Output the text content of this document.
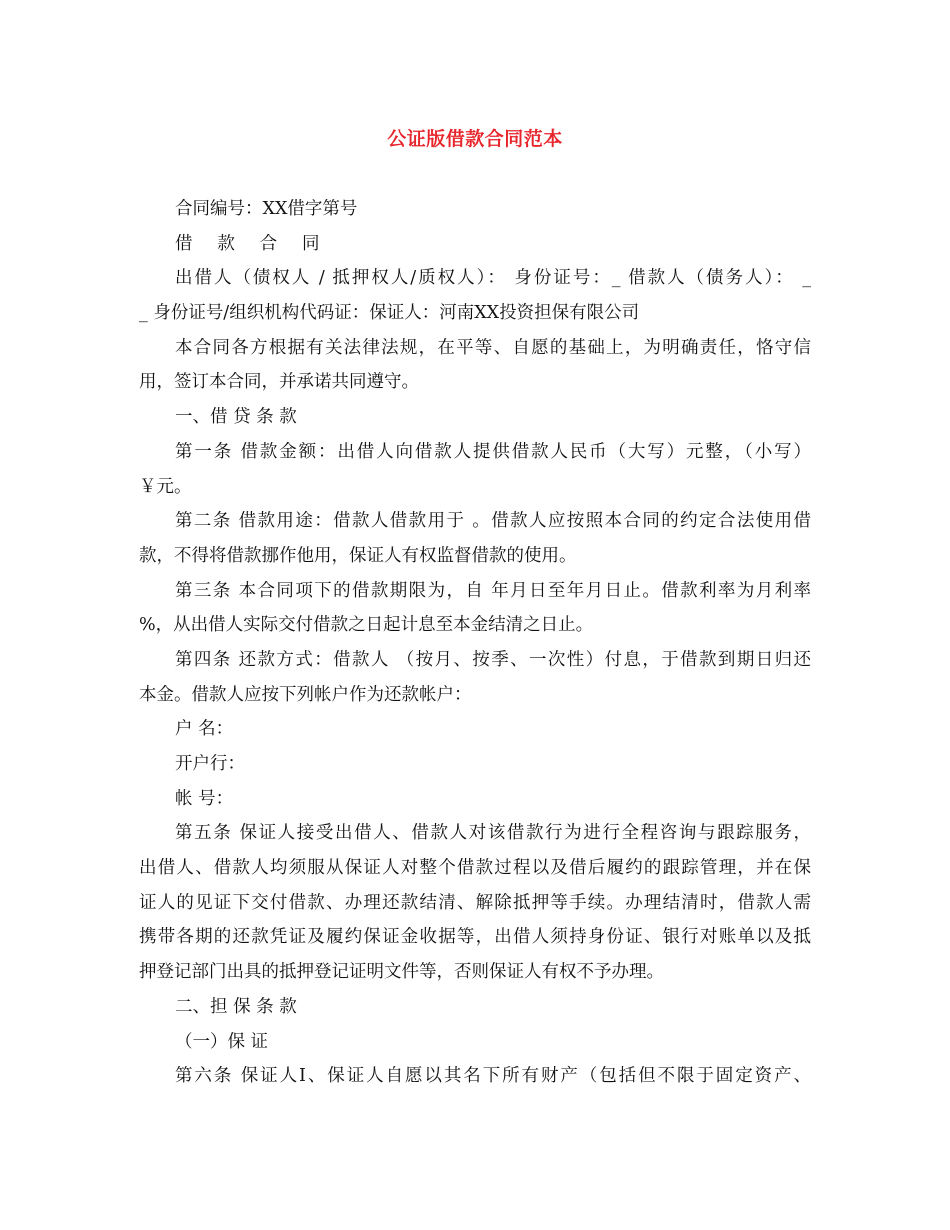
公证版借款合同范本
合同编号：XX借字第号
借 款 合 同
出借人（债权人 / 抵押权人/质权人）： 身份证号：_ 借款人（债务人）： _
_ 身份证号/组织机构代码证：保证人：河南XX投资担保有限公司
本合同各方根据有关法律法规，在平等、自愿的基础上，为明确责任，恪守信
用，签订本合同，并承诺共同遵守。
一、借 贷 条 款
第一条 借款金额：出借人向借款人提供借款人民币（大写）元整，（小写）
￥元。
第二条 借款用途：借款人借款用于 。借款人应按照本合同的约定合法使用借
款，不得将借款挪作他用，保证人有权监督借款的使用。
第三条 本合同项下的借款期限为，自 年月日至年月日止。借款利率为月利率
%，从出借人实际交付借款之日起计息至本金结清之日止。
第四条 还款方式：借款人 （按月、按季、一次性）付息，于借款到期日归还
本金。借款人应按下列帐户作为还款帐户：
户 名：
开户行：
帐 号：
第五条 保证人接受出借人、借款人对该借款行为进行全程咨询与跟踪服务，
出借人、借款人均须服从保证人对整个借款过程以及借后履约的跟踪管理，并在保
证人的见证下交付借款、办理还款结清、解除抵押等手续。办理结清时，借款人需
携带各期的还款凭证及履约保证金收据等，出借人须持身份证、银行对账单以及抵
押登记部门出具的抵押登记证明文件等，否则保证人有权不予办理。
二、担 保 条 款
（一）保 证
第六条 保证人Ⅰ、保证人自愿以其名下所有财产（包括但不限于固定资产、
